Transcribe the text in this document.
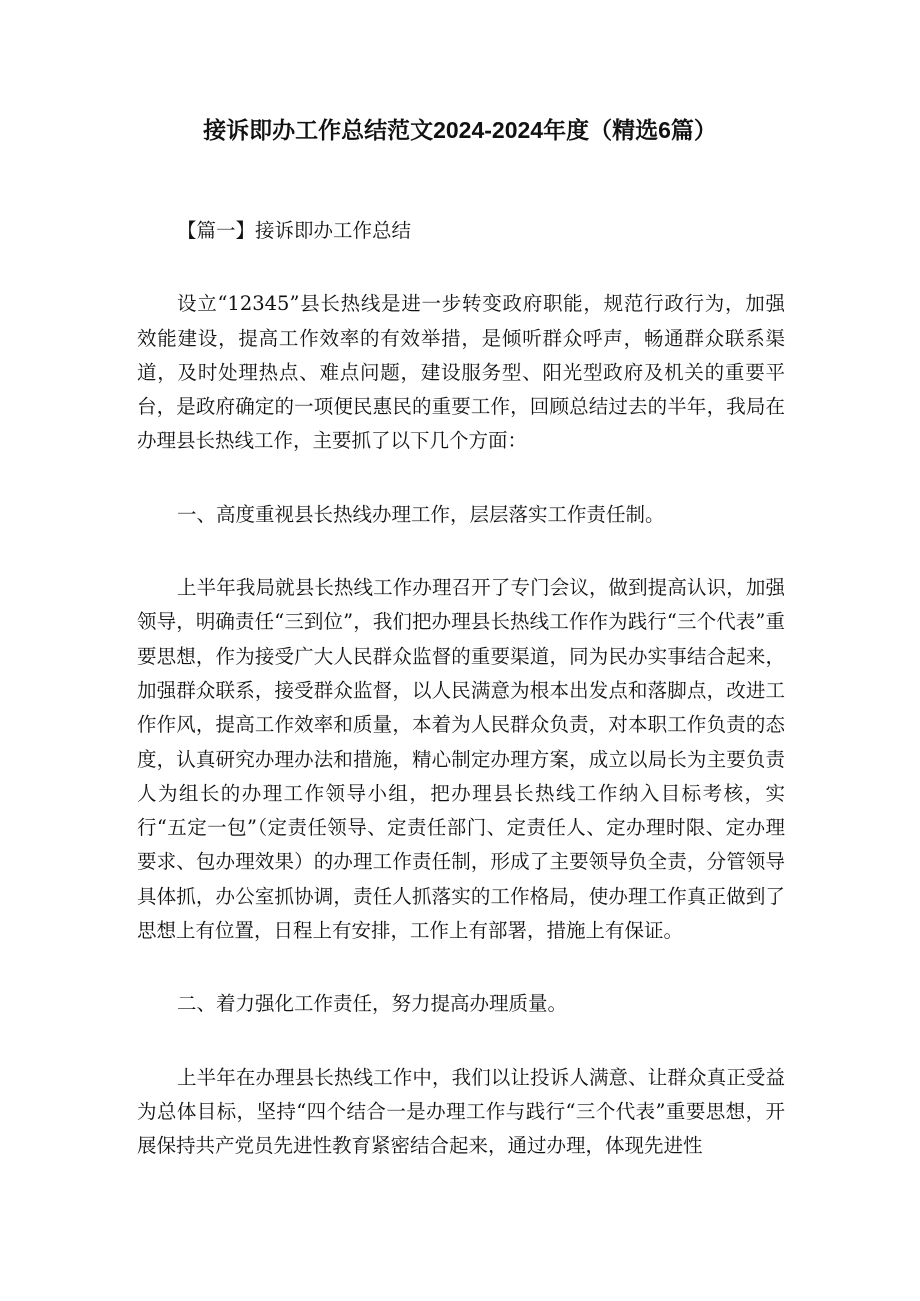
接诉即办工作总结范文2024-2024年度（精选6篇）

【篇一】接诉即办工作总结

设立“12345”县长热线是进一步转变政府职能，规范行政行为，加强效能建设，提高工作效率的有效举措，是倾听群众呼声，畅通群众联系渠道，及时处理热点、难点问题，建设服务型、阳光型政府及机关的重要平台，是政府确定的一项便民惠民的重要工作，回顾总结过去的半年，我局在办理县长热线工作，主要抓了以下几个方面：

一、高度重视县长热线办理工作，层层落实工作责任制。

上半年我局就县长热线工作办理召开了专门会议，做到提高认识，加强领导，明确责任“三到位”，我们把办理县长热线工作作为践行“三个代表”重要思想，作为接受广大人民群众监督的重要渠道，同为民办实事结合起来，加强群众联系，接受群众监督，以人民满意为根本出发点和落脚点，改进工作作风，提高工作效率和质量，本着为人民群众负责，对本职工作负责的态度，认真研究办理办法和措施，精心制定办理方案，成立以局长为主要负责人为组长的办理工作领导小组，把办理县长热线工作纳入目标考核，实行“五定一包”（定责任领导、定责任部门、定责任人、定办理时限、定办理要求、包办理效果）的办理工作责任制，形成了主要领导负全责，分管领导具体抓，办公室抓协调，责任人抓落实的工作格局，使办理工作真正做到了思想上有位置，日程上有安排，工作上有部署，措施上有保证。

二、着力强化工作责任，努力提高办理质量。

上半年在办理县长热线工作中，我们以让投诉人满意、让群众真正受益为总体目标，坚持“四个结合一是办理工作与践行“三个代表”重要思想，开展保持共产党员先进性教育紧密结合起来，通过办理，体现先进性
